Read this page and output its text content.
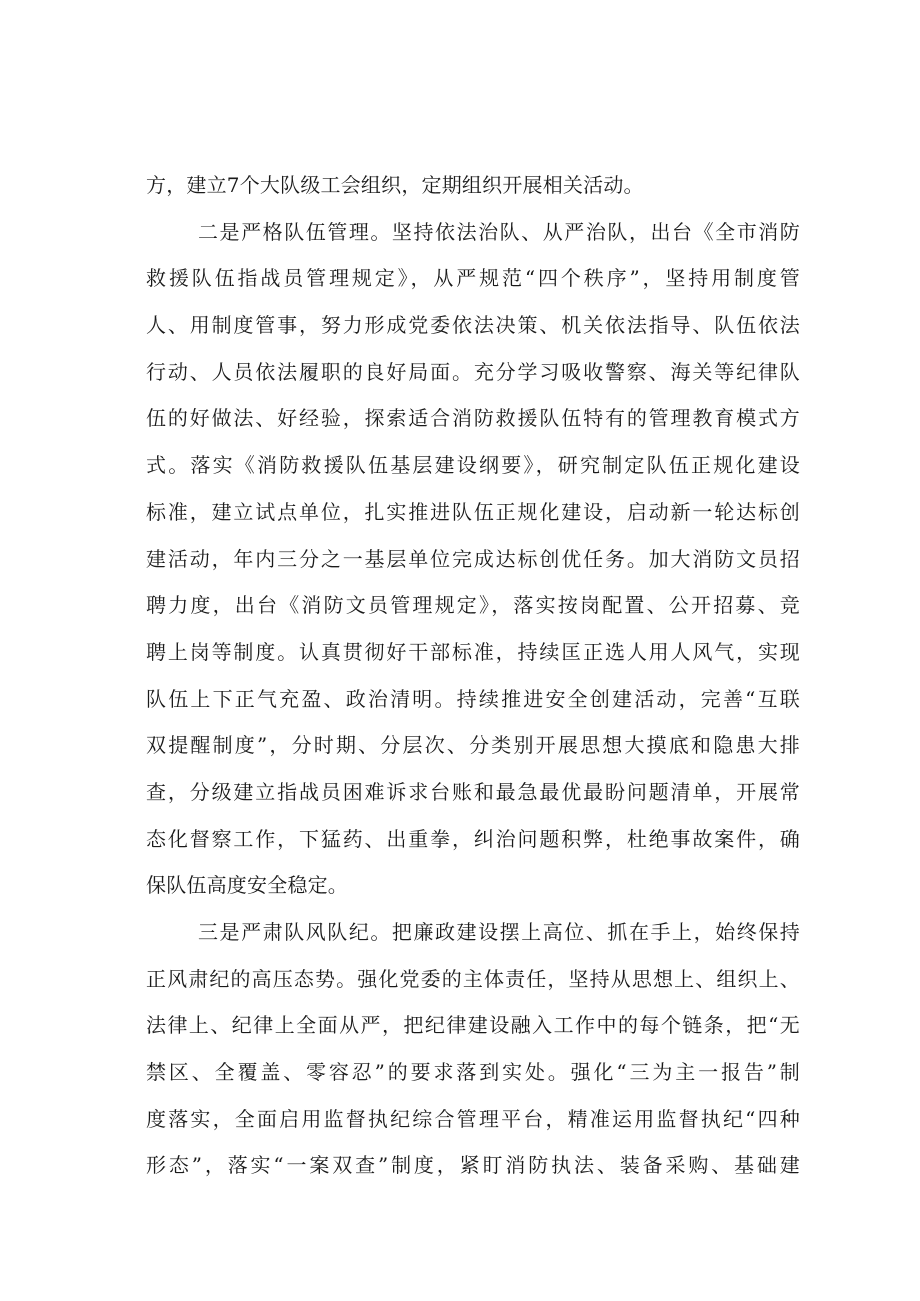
方，建立7个大队级工会组织，定期组织开展相关活动。
二是严格队伍管理。坚持依法治队、从严治队，出台《全市消防
救援队伍指战员管理规定》，从严规范“四个秩序”，坚持用制度管
人、用制度管事，努力形成党委依法决策、机关依法指导、队伍依法
行动、人员依法履职的良好局面。充分学习吸收警察、海关等纪律队
伍的好做法、好经验，探索适合消防救援队伍特有的管理教育模式方
式。落实《消防救援队伍基层建设纲要》，研究制定队伍正规化建设
标准，建立试点单位，扎实推进队伍正规化建设，启动新一轮达标创
建活动，年内三分之一基层单位完成达标创优任务。加大消防文员招
聘力度，出台《消防文员管理规定》，落实按岗配置、公开招募、竞
聘上岗等制度。认真贯彻好干部标准，持续匡正选人用人风气，实现
队伍上下正气充盈、政治清明。持续推进安全创建活动，完善“互联
双提醒制度”，分时期、分层次、分类别开展思想大摸底和隐患大排
查，分级建立指战员困难诉求台账和最急最优最盼问题清单，开展常
态化督察工作，下猛药、出重拳，纠治问题积弊，杜绝事故案件，确
保队伍高度安全稳定。
三是严肃队风队纪。把廉政建设摆上高位、抓在手上，始终保持
正风肃纪的高压态势。强化党委的主体责任，坚持从思想上、组织上、
法律上、纪律上全面从严，把纪律建设融入工作中的每个链条，把“无
禁区、全覆盖、零容忍”的要求落到实处。强化“三为主一报告”制
度落实，全面启用监督执纪综合管理平台，精准运用监督执纪“四种
形态”，落实“一案双查”制度，紧盯消防执法、装备采购、基础建
